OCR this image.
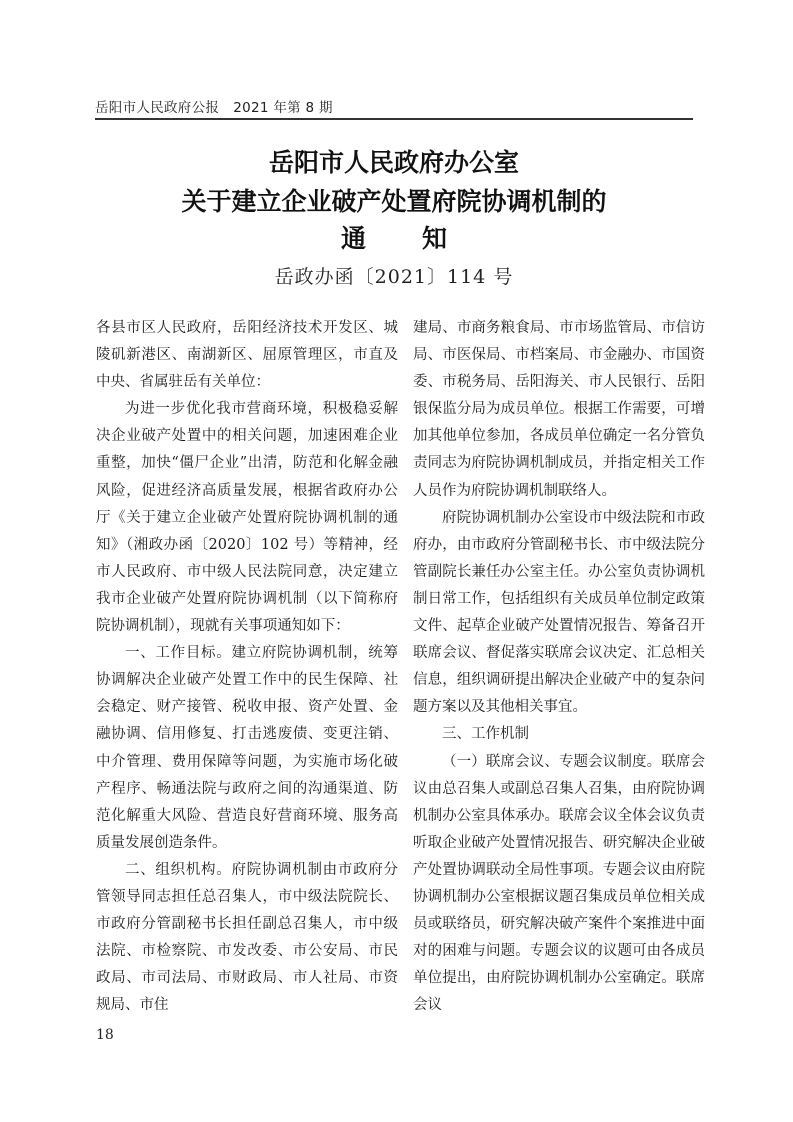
岳阳市人民政府公报 2021 年第 8 期
岳阳市人民政府办公室
关于建立企业破产处置府院协调机制的
通 知
岳政办函〔2021〕114 号

各县市区人民政府，岳阳经济技术开发区、城陵矶新港区、南湖新区、屈原管理区，市直及中央、省属驻岳有关单位：

为进一步优化我市营商环境，积极稳妥解决企业破产处置中的相关问题，加速困难企业重整，加快“僵尸企业”出清，防范和化解金融风险，促进经济高质量发展，根据省政府办公厅《关于建立企业破产处置府院协调机制的通知》（湘政办函〔2020〕102 号）等精神，经市人民政府、市中级人民法院同意，决定建立我市企业破产处置府院协调机制（以下简称府院协调机制），现就有关事项通知如下：

一、工作目标。建立府院协调机制，统筹协调解决企业破产处置工作中的民生保障、社会稳定、财产接管、税收申报、资产处置、金融协调、信用修复、打击逃废债、变更注销、中介管理、费用保障等问题，为实施市场化破产程序、畅通法院与政府之间的沟通渠道、防范化解重大风险、营造良好营商环境、服务高质量发展创造条件。

二、组织机构。府院协调机制由市政府分管领导同志担任总召集人，市中级法院院长、市政府分管副秘书长担任副总召集人，市中级法院、市检察院、市发改委、市公安局、市民政局、市司法局、市财政局、市人社局、市资规局、市住

建局、市商务粮食局、市市场监管局、市信访局、市医保局、市档案局、市金融办、市国资委、市税务局、岳阳海关、市人民银行、岳阳银保监分局为成员单位。根据工作需要，可增加其他单位参加，各成员单位确定一名分管负责同志为府院协调机制成员，并指定相关工作人员作为府院协调机制联络人。

府院协调机制办公室设市中级法院和市政府办，由市政府分管副秘书长、市中级法院分管副院长兼任办公室主任。办公室负责协调机制日常工作，包括组织有关成员单位制定政策文件、起草企业破产处置情况报告、筹备召开联席会议、督促落实联席会议决定、汇总相关信息，组织调研提出解决企业破产中的复杂问题方案以及其他相关事宜。

三、工作机制

（一）联席会议、专题会议制度。联席会议由总召集人或副总召集人召集，由府院协调机制办公室具体承办。联席会议全体会议负责听取企业破产处置情况报告、研究解决企业破产处置协调联动全局性事项。专题会议由府院协调机制办公室根据议题召集成员单位相关成员或联络员，研究解决破产案件个案推进中面对的困难与问题。专题会议的议题可由各成员单位提出，由府院协调机制办公室确定。联席会议

18
